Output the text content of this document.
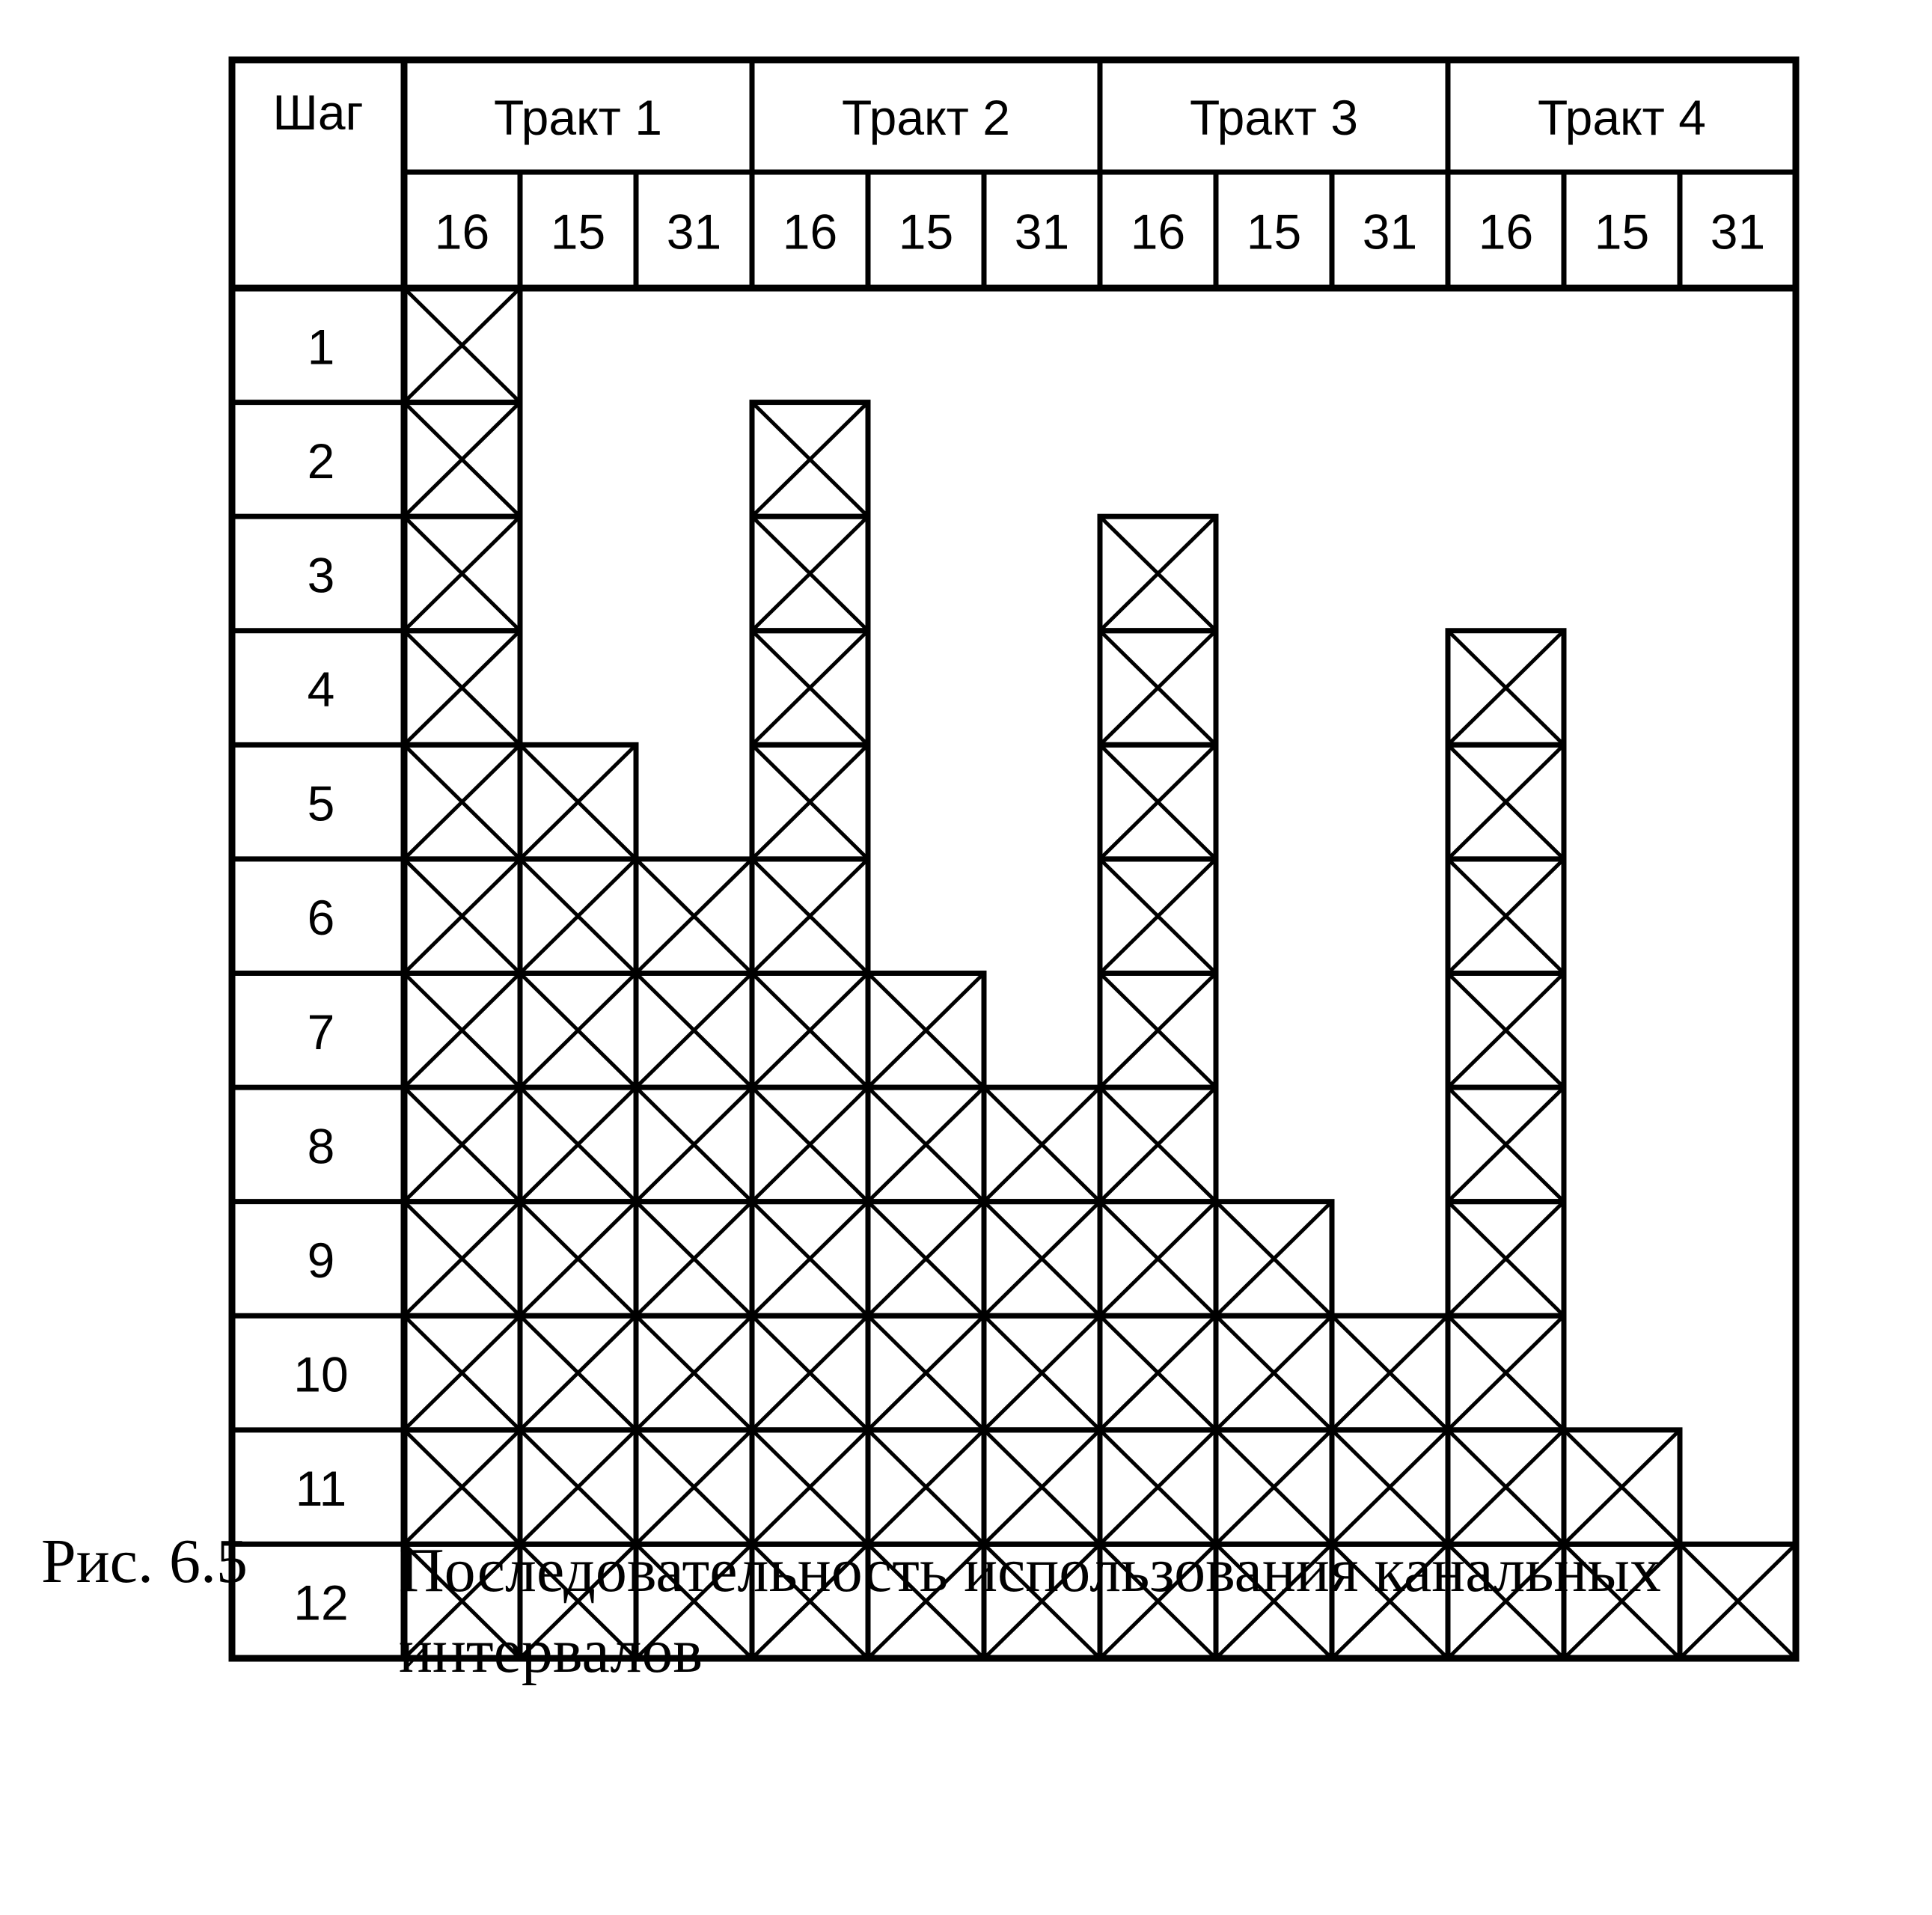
Шаг	Тракт 1
16 15 31
Тракт 2
16 15 31
Тракт 3
16 15 31
Тракт 4
16 15 31
1
2
3
4
5
6
7
8
9
10
11
12
Рис. 6.5 Последовательность использования канальных интервалов
